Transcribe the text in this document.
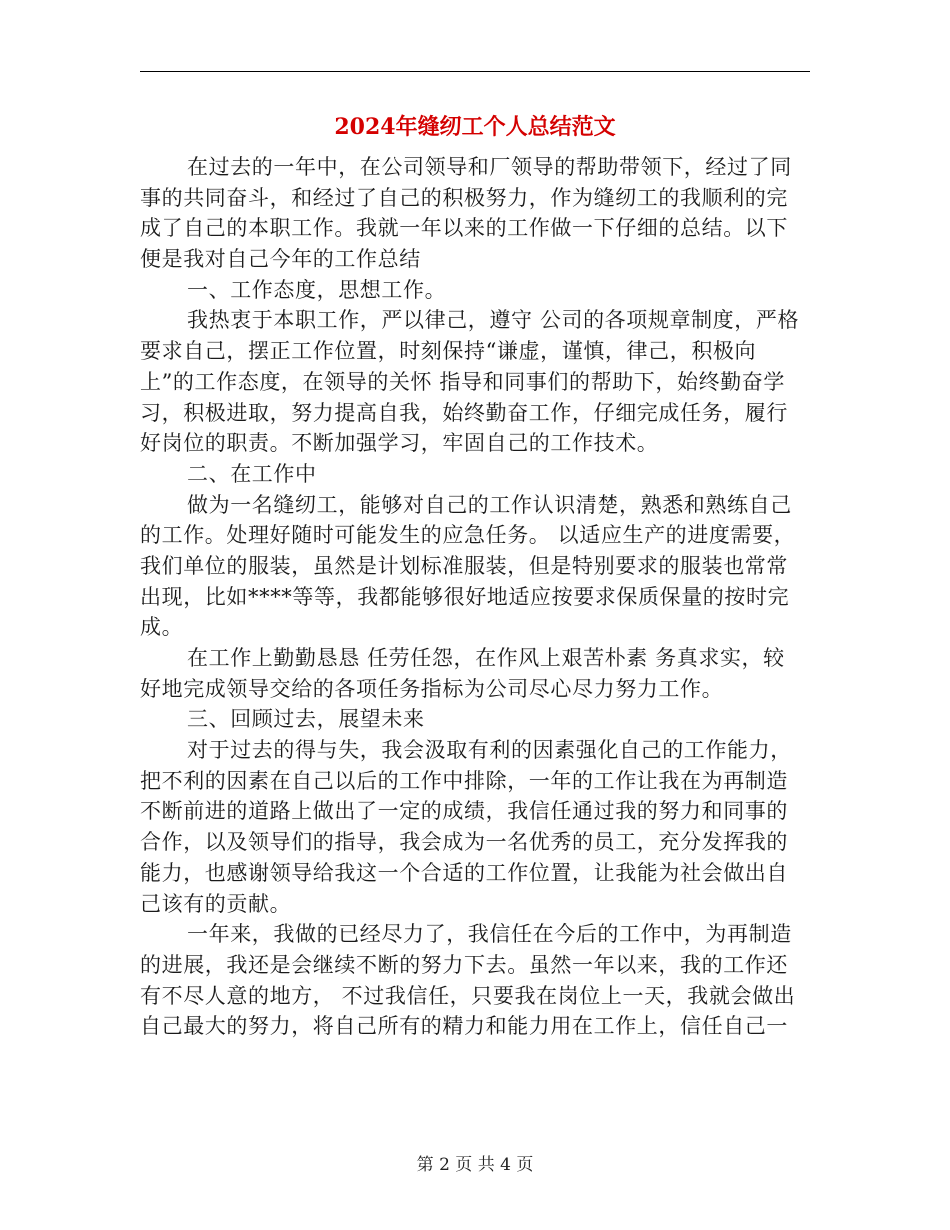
2024年缝纫工个人总结范文
在过去的一年中，在公司领导和厂领导的帮助带领下，经过了同
事的共同奋斗，和经过了自己的积极努力，作为缝纫工的我顺利的完
成了自己的本职工作。我就一年以来的工作做一下仔细的总结。以下
便是我对自己今年的工作总结
一、工作态度，思想工作。
我热衷于本职工作，严以律己，遵守 公司的各项规章制度，严格
要求自己，摆正工作位置，时刻保持“谦虚，谨慎，律己，积极向
上”的工作态度，在领导的关怀 指导和同事们的帮助下，始终勤奋学
习，积极进取，努力提高自我，始终勤奋工作，仔细完成任务，履行
好岗位的职责。不断加强学习，牢固自己的工作技术。
二、在工作中
做为一名缝纫工，能够对自己的工作认识清楚，熟悉和熟练自己
的工作。处理好随时可能发生的应急任务。 以适应生产的进度需要，
我们单位的服装，虽然是计划标准服装，但是特别要求的服装也常常
出现，比如****等等，我都能够很好地适应按要求保质保量的按时完
成。
在工作上勤勤恳恳 任劳任怨，在作风上艰苦朴素 务真求实，较
好地完成领导交给的各项任务指标为公司尽心尽力努力工作。
三、回顾过去，展望未来
对于过去的得与失，我会汲取有利的因素强化自己的工作能力，
把不利的因素在自己以后的工作中排除，一年的工作让我在为再制造
不断前进的道路上做出了一定的成绩，我信任通过我的努力和同事的
合作，以及领导们的指导，我会成为一名优秀的员工，充分发挥我的
能力，也感谢领导给我这一个合适的工作位置，让我能为社会做出自
己该有的贡献。
一年来，我做的已经尽力了，我信任在今后的工作中，为再制造
的进展，我还是会继续不断的努力下去。虽然一年以来，我的工作还
有不尽人意的地方， 不过我信任，只要我在岗位上一天，我就会做出
自己最大的努力，将自己所有的精力和能力用在工作上，信任自己一
第 2 页 共 4 页
